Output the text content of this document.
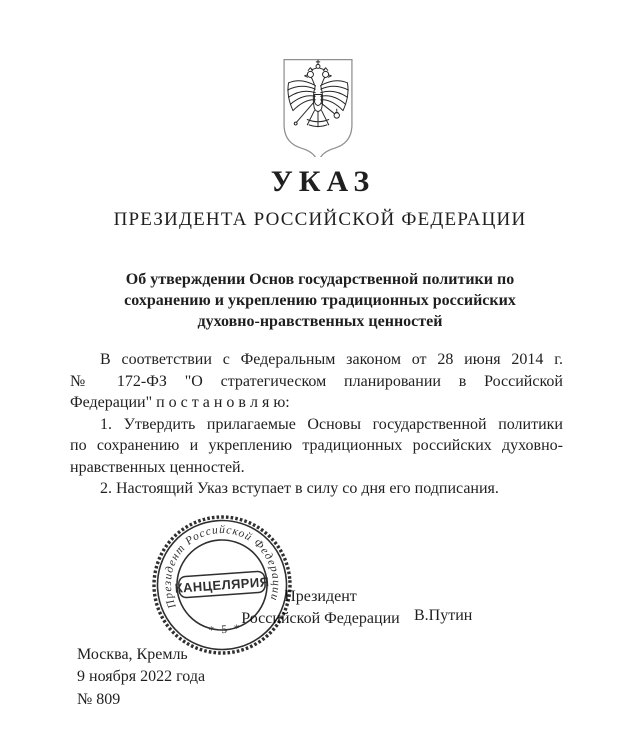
УКАЗ
ПРЕЗИДЕНТА РОССИЙСКОЙ ФЕДЕРАЦИИ
Об утверждении Основ государственной политики по
сохранению и укреплению традиционных российских
духовно-нравственных ценностей
В соответствии с Федеральным законом от 28 июня 2014 г.
№ 172-ФЗ "О стратегическом планировании в Российской
Федерации" п о с т а н о в л я ю:
1. Утвердить прилагаемые Основы государственной политики
по сохранению и укреплению традиционных российских духовно-
нравственных ценностей.
2. Настоящий Указ вступает в силу со дня его подписания.
Президент Российской Федерации
КАНЦЕЛЯРИЯ
* 5 *
Президент
Российской Федерации В.Путин
Москва, Кремль
9 ноября 2022 года
№ 809
